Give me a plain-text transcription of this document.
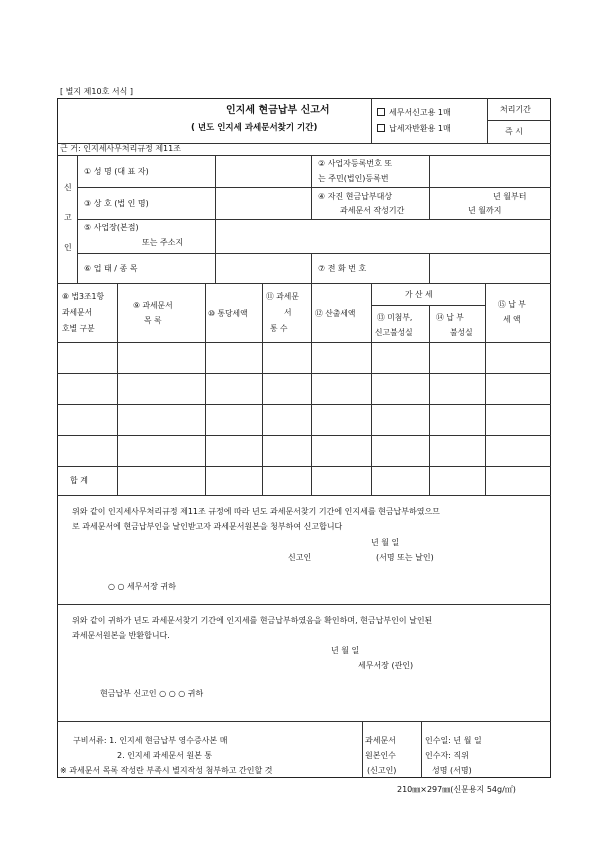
[ 별지 제10호 서식 ]
인지세 현금납부 신고서
( 년도 인지세 과세문서찾기 기간)
세무서신고용 1매
납세자반환용 1매
처리기간
즉 시
근 거: 인지세사무처리규정 제11조
신
고
인
① 성 명 (대 표 자)
② 사업자등록번호 또
는 주민(법인)등록번
③ 상 호 (법 인 명)
④ 자진 현금납부대상
과세문서 작성기간
년 월부터
년 월까지
⑤ 사업장(본점)
또는 주소지
⑥ 업 태 / 종 목	⑦ 전 화 번 호
⑧ 법3조1항
과세문서
호별 구분
⑨ 과세문서
목 록
⑩ 통당세액
⑪ 과세문
서
통 수
⑫ 산출세액
가 산 세
⑬ 미첨부,
신고불성실
⑭ 납 부
불성실
⑮ 납 부
세 액
합 계
위와 같이 인지세사무처리규정 제11조 규정에 따라 년도 과세문서찾기 기간에 인지세를 현금납부하였으므
로 과세문서에 현금납부인을 날인받고자 과세문서원본을 청부하여 신고합니다
년 월 일
신고인	(서명 또는 날인)
○ ○ 세무서장 귀하
위와 같이 귀하가 년도 과세문서찾기 기간에 인지세를 현금납부하였음을 확인하며, 현금납부인이 날인된
과세문서원본을 반환합니다.
년 월 일
세무서장 (관인)
현금납부 신고인 ○ ○ ○ 귀하
구비서류: 1. 인지세 현금납부 영수증사본 매
2. 인지세 과세문서 원본 통
※ 과세문서 목록 작성란 부족시 별지작성 첨부하고 간인할 것
과세문서
원본인수
(신고인)
인수일: 년 월 일
인수자: 직위
성명 (서명)
210㎜×297㎜(신문용지 54g/㎡)
